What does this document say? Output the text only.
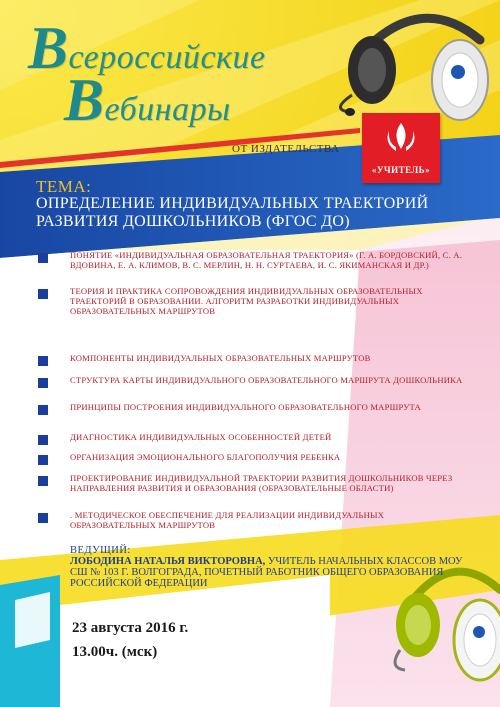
Всероссийские
Вебинары
ОТ ИЗДАТЕЛЬСТВА
«УЧИТЕЛЬ»
ТЕМА:
ОПРЕДЕЛЕНИЕ ИНДИВИДУАЛЬНЫХ ТРАЕКТОРИЙ РАЗВИТИЯ ДОШКОЛЬНИКОВ (ФГОС ДО)
ПОНЯТИЕ «ИНДИВИДУАЛЬНАЯ ОБРАЗОВАТЕЛЬНАЯ ТРАЕКТОРИЯ» (Г. А. БОРДОВСКИЙ, С. А. ВДОВИНА, Е. А. КЛИМОВ, В. С. МЕРЛИН, Н. Н. СУРТАЕВА, И. С. ЯКИМАНСКАЯ И ДР.)
ТЕОРИЯ И ПРАКТИКА СОПРОВОЖДЕНИЯ ИНДИВИДУАЛЬНЫХ ОБРАЗОВАТЕЛЬНЫХ ТРАЕКТОРИЙ В ОБРАЗОВАНИИ. АЛГОРИТМ РАЗРАБОТКИ ИНДИВИДУАЛЬНЫХ ОБРАЗОВАТЕЛЬНЫХ МАРШРУТОВ
КОМПОНЕНТЫ ИНДИВИДУАЛЬНЫХ ОБРАЗОВАТЕЛЬНЫХ МАРШРУТОВ
СТРУКТУРА КАРТЫ ИНДИВИДУАЛЬНОГО ОБРАЗОВАТЕЛЬНОГО МАРШРУТА ДОШКОЛЬНИКА
ПРИНЦИПЫ ПОСТРОЕНИЯ ИНДИВИДУАЛЬНОГО ОБРАЗОВАТЕЛЬНОГО МАРШРУТА
ДИАГНОСТИКА ИНДИВИДУАЛЬНЫХ ОСОБЕННОСТЕЙ ДЕТЕЙ
ОРГАНИЗАЦИЯ ЭМОЦИОНАЛЬНОГО БЛАГОПОЛУЧИЯ РЕБЕНКА
ПРОЕКТИРОВАНИЕ ИНДИВИДУАЛЬНОЙ ТРАЕКТОРИИ РАЗВИТИЯ ДОШКОЛЬНИКОВ ЧЕРЕЗ НАПРАВЛЕНИЯ РАЗВИТИЯ И ОБРАЗОВАНИЯ (ОБРАЗОВАТЕЛЬНЫЕ ОБЛАСТИ)
. МЕТОДИЧЕСКОЕ ОБЕСПЕЧЕНИЕ ДЛЯ РЕАЛИЗАЦИИ ИНДИВИДУАЛЬНЫХ ОБРАЗОВАТЕЛЬНЫХ МАРШРУТОВ
ВЕДУЩИЙ:
ЛОБОДИНА НАТАЛЬЯ ВИКТОРОВНА, УЧИТЕЛЬ НАЧАЛЬНЫХ КЛАССОВ МОУ СШ № 103 Г. ВОЛГОГРАДА, ПОЧЕТНЫЙ РАБОТНИК ОБЩЕГО ОБРАЗОВАНИЯ РОССИЙСКОЙ ФЕДЕРАЦИИ
23 августа 2016 г.
13.00ч. (мск)
